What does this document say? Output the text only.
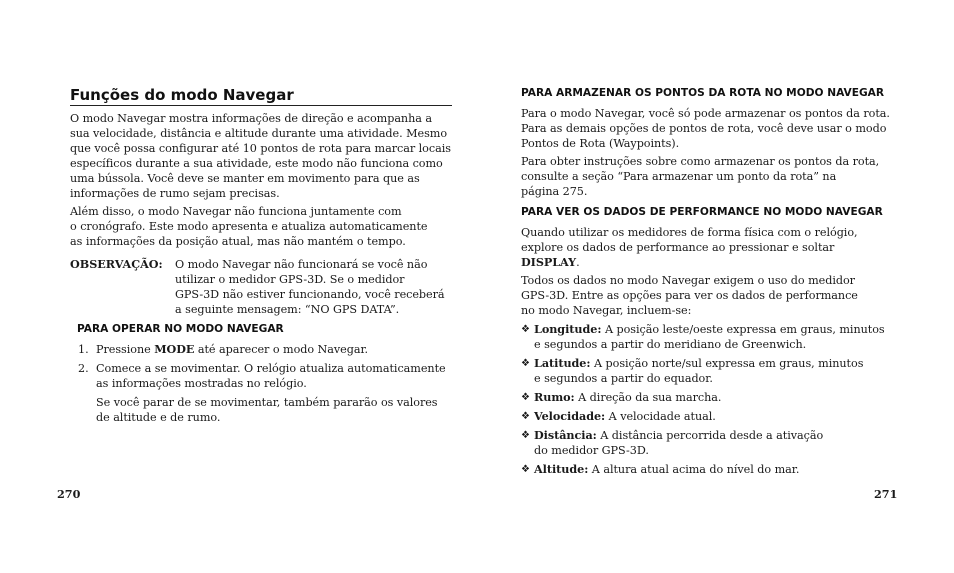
Funções do modo Navegar
O modo Navegar mostra informações de direção e acompanha a
sua velocidade, distância e altitude durante uma atividade. Mesmo
que você possa configurar até 10 pontos de rota para marcar locais
específicos durante a sua atividade, este modo não funciona como
uma bússola. Você deve se manter em movimento para que as
informações de rumo sejam precisas.
Além disso, o modo Navegar não funciona juntamente com
o cronógrafo. Este modo apresenta e atualiza automaticamente
as informações da posição atual, mas não mantém o tempo.
OBSERVAÇÃO: O modo Navegar não funcionará se você não
utilizar o medidor GPS-3D. Se o medidor
GPS-3D não estiver funcionando, você receberá
a seguinte mensagem: “NO GPS DATA”.
PARA OPERAR NO MODO NAVEGAR
1. Pressione MODE até aparecer o modo Navegar.
2. Comece a se movimentar. O relógio atualiza automaticamente
as informações mostradas no relógio.
Se você parar de se movimentar, também pararão os valores
de altitude e de rumo.
270
PARA ARMAZENAR OS PONTOS DA ROTA NO MODO NAVEGAR
Para o modo Navegar, você só pode armazenar os pontos da rota.
Para as demais opções de pontos de rota, você deve usar o modo
Pontos de Rota (Waypoints).
Para obter instruções sobre como armazenar os pontos da rota,
consulte a seção “Para armazenar um ponto da rota” na
página 275.
PARA VER OS DADOS DE PERFORMANCE NO MODO NAVEGAR
Quando utilizar os medidores de forma física com o relógio,
explore os dados de performance ao pressionar e soltar
DISPLAY.
Todos os dados no modo Navegar exigem o uso do medidor
GPS-3D. Entre as opções para ver os dados de performance
no modo Navegar, incluem-se:
❖ Longitude: A posição leste/oeste expressa em graus, minutos
e segundos a partir do meridiano de Greenwich.
❖ Latitude: A posição norte/sul expressa em graus, minutos
e segundos a partir do equador.
❖ Rumo: A direção da sua marcha.
❖ Velocidade: A velocidade atual.
❖ Distância: A distância percorrida desde a ativação
do medidor GPS-3D.
❖ Altitude: A altura atual acima do nível do mar.
271
